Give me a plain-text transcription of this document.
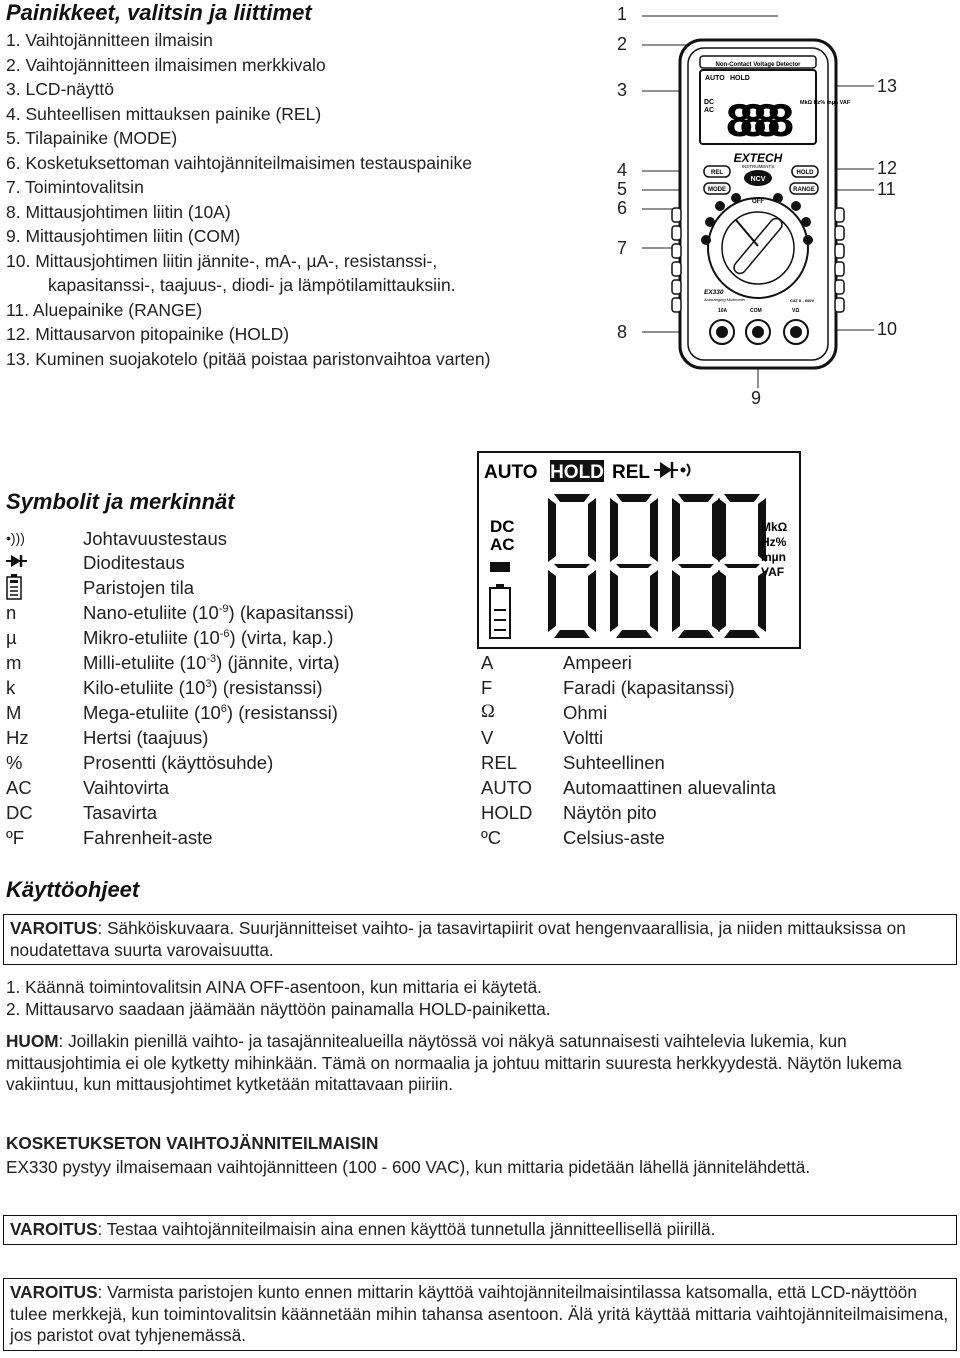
Painikkeet, valitsin ja liittimet
1. Vaihtojännitteen ilmaisin
2. Vaihtojännitteen ilmaisimen merkkivalo
3. LCD-näyttö
4. Suhteellisen mittauksen painike (REL)
5. Tilapainike (MODE)
6. Kosketuksettoman vaihtojänniteilmaisimen testauspainike
7. Toimintovalitsin
8. Mittausjohtimen liitin (10A)
9. Mittausjohtimen liitin (COM)
10. Mittausjohtimen liitin jännite-, mA-, µA-, resistanssi-,
kapasitanssi-, taajuus-, diodi- ja lämpötilamittauksiin.
11. Aluepainike (RANGE)
12. Mittausarvon pitopainike (HOLD)
13. Kuminen suojakotelo (pitää poistaa paristonvaihtoa varten)
1
2
3
4
5
6
7
8
9
10
11
12
13
Non-Contact Voltage Detector
AUTO HOLD
DC
AC 8888 MkΩ Hz% mµn VAF
EXTECH
INSTRUMENTS
REL
MODE
HOLD
RANGE
NCV
OFF
EX330
Autoranging Multimeter	CAT II - 600V
10A	COM	VΩ
AUTO HOLD REL
DC
AC
MkΩ
Hz%
mµn
VAF
Symbolit ja merkinnät
•)))	Johtavuustestaus
Dioditestaus
Paristojen tila
n	Nano-etuliite $(10^{-9})$ (kapasitanssi)
µ	Mikro-etuliite $(10^{-6})$ (virta, kap.)
m	Milli-etuliite $(10^{-3})$ (jännite, virta)
k	Kilo-etuliite $(10^3)$ (resistanssi)
M	Mega-etuliite $(10^6)$ (resistanssi)
Hz	Hertsi (taajuus)
%	Prosentti (käyttösuhde)
AC	Vaihtovirta
DC	Tasavirta
ºF	Fahrenheit-aste
A	Ampeeri
F	Faradi (kapasitanssi)
Ω	Ohmi
V	Voltti
REL Suhteellinen
AUTO Automaattinen aluevalinta
HOLD Näytön pito
ºC	Celsius-aste
Käyttöohjeet
VAROITUS: Sähköiskuvaara. Suurjännitteiset vaihto- ja tasavirtapiirit ovat hengenvaarallisia, ja niiden mittauksissa on noudatettava suurta varovaisuutta.
1. Käännä toimintovalitsin AINA OFF-asentoon, kun mittaria ei käytetä.
2. Mittausarvo saadaan jäämään näyttöön painamalla HOLD-painiketta.
HUOM: Joillakin pienillä vaihto- ja tasajännitealueilla näytössä voi näkyä satunnaisesti vaihtelevia lukemia, kun mittausjohtimia ei ole kytketty mihinkään. Tämä on normaalia ja johtuu mittarin suuresta herkkyydestä. Näytön lukema vakiintuu, kun mittausjohtimet kytketään mitattavaan piiriin.
KOSKETUKSETON VAIHTOJÄNNITEILMAISIN
EX330 pystyy ilmaisemaan vaihtojännitteen (100 - 600 VAC), kun mittaria pidetään lähellä jännitelähdettä.
VAROITUS: Testaa vaihtojänniteilmaisin aina ennen käyttöä tunnetulla jännitteellisellä piirillä.
VAROITUS: Varmista paristojen kunto ennen mittarin käyttöä vaihtojänniteilmaisintilassa katsomalla, että LCD-näyttöön tulee merkkejä, kun toimintovalitsin käännetään mihin tahansa asentoon. Älä yritä käyttää mittaria vaihtojänniteilmaisimena, jos paristot ovat tyhjenemässä.
